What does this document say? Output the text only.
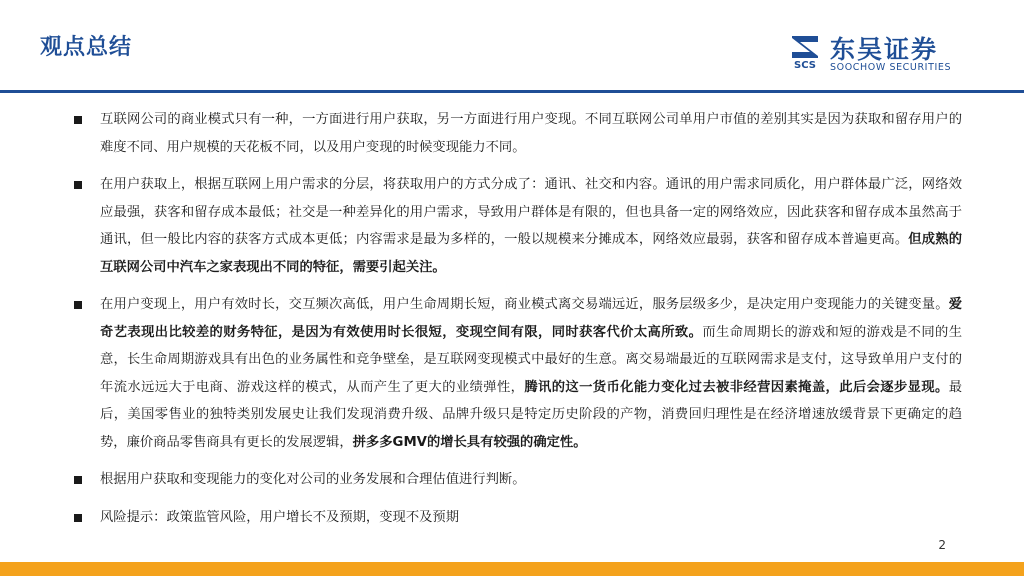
观点总结
SCS
东吴证券
SOOCHOW SECURITIES
互联网公司的商业模式只有一种，一方面进行用户获取，另一方面进行用户变现。不同互联网公司单用户市值的差别其实是因为获取和留存用户的难度不同、用户规模的天花板不同，以及用户变现的时候变现能力不同。
在用户获取上，根据互联网上用户需求的分层，将获取用户的方式分成了：通讯、社交和内容。通讯的用户需求同质化，用户群体最广泛，网络效应最强，获客和留存成本最低；社交是一种差异化的用户需求，导致用户群体是有限的，但也具备一定的网络效应，因此获客和留存成本虽然高于通讯，但一般比内容的获客方式成本更低；内容需求是最为多样的，一般以规模来分摊成本，网络效应最弱，获客和留存成本普遍更高。但成熟的互联网公司中汽车之家表现出不同的特征，需要引起关注。
在用户变现上，用户有效时长，交互频次高低，用户生命周期长短，商业模式离交易端远近，服务层级多少，是决定用户变现能力的关键变量。爱奇艺表现出比较差的财务特征，是因为有效使用时长很短，变现空间有限，同时获客代价太高所致。而生命周期长的游戏和短的游戏是不同的生意，长生命周期游戏具有出色的业务属性和竞争壁垒，是互联网变现模式中最好的生意。离交易端最近的互联网需求是支付，这导致单用户支付的年流水远远大于电商、游戏这样的模式，从而产生了更大的业绩弹性，腾讯的这一货币化能力变化过去被非经营因素掩盖，此后会逐步显现。最后，美国零售业的独特类别发展史让我们发现消费升级、品牌升级只是特定历史阶段的产物，消费回归理性是在经济增速放缓背景下更确定的趋势，廉价商品零售商具有更长的发展逻辑，拼多多GMV的增长具有较强的确定性。
根据用户获取和变现能力的变化对公司的业务发展和合理估值进行判断。
风险提示：政策监管风险，用户增长不及预期，变现不及预期
2
